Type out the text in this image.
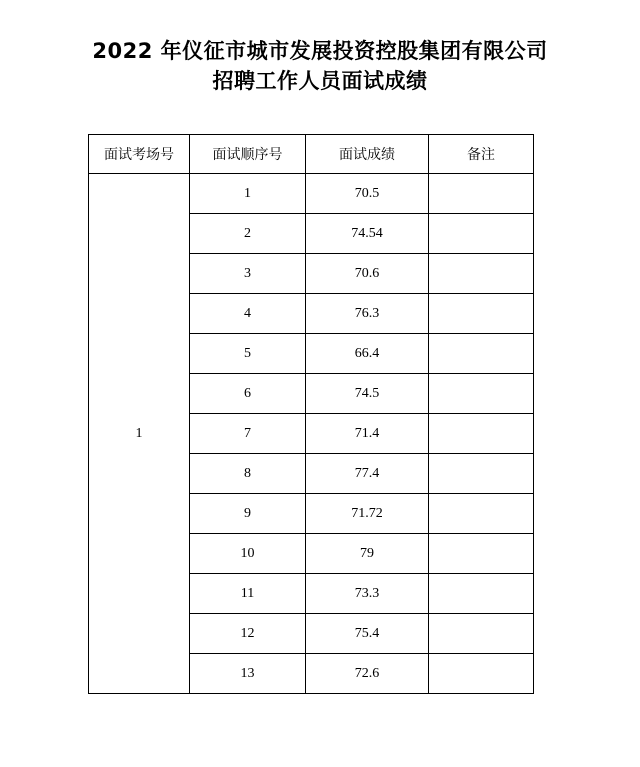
2022 年仪征市城市发展投资控股集团有限公司
招聘工作人员面试成绩
面试考场号	面试顺序号	面试成绩	备注
1	1	70.5	
	2	74.54	
	3	70.6	
	4	76.3	
	5	66.4	
	6	74.5	
	7	71.4	
	8	77.4	
	9	71.72	
	10	79	
	11	73.3	
	12	75.4	
	13	72.6	
